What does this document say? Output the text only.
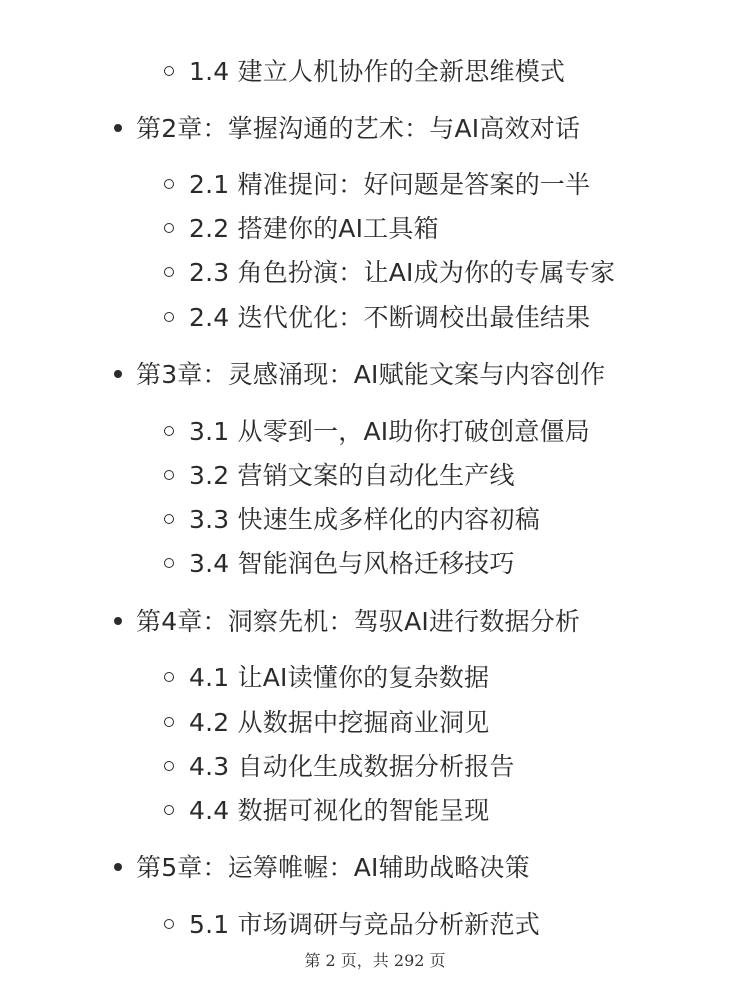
1.4 建立人机协作的全新思维模式
第2章：掌握沟通的艺术：与AI高效对话
2.1 精准提问：好问题是答案的一半
2.2 搭建你的AI工具箱
2.3 角色扮演：让AI成为你的专属专家
2.4 迭代优化：不断调校出最佳结果
第3章：灵感涌现：AI赋能文案与内容创作
3.1 从零到一，AI助你打破创意僵局
3.2 营销文案的自动化生产线
3.3 快速生成多样化的内容初稿
3.4 智能润色与风格迁移技巧
第4章：洞察先机：驾驭AI进行数据分析
4.1 让AI读懂你的复杂数据
4.2 从数据中挖掘商业洞见
4.3 自动化生成数据分析报告
4.4 数据可视化的智能呈现
第5章：运筹帷幄：AI辅助战略决策
5.1 市场调研与竞品分析新范式
第 2 页，共 292 页
